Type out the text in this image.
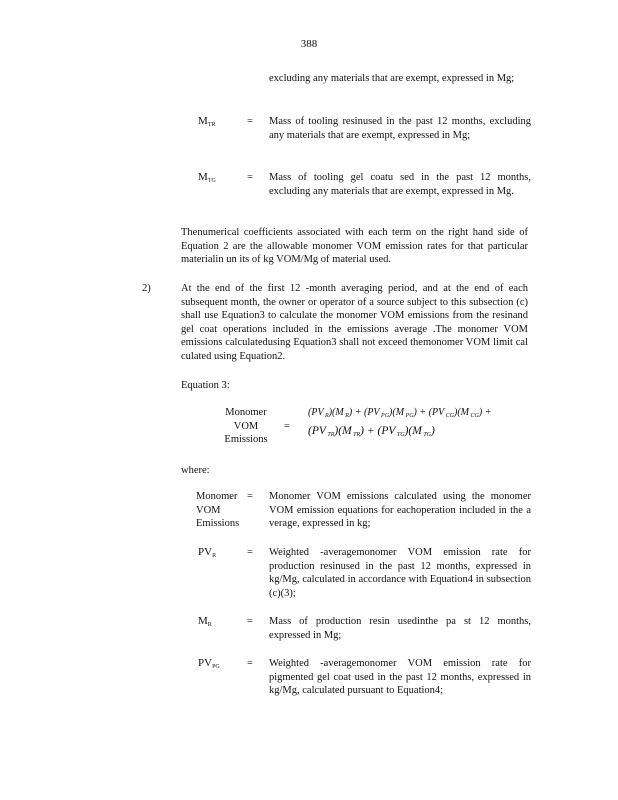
388
excluding any materials that are exempt, expressed in Mg;
$M_{TR}$	= Mass of tooling resinused in the past 12 months, excluding any materials that are exempt, expressed in Mg;
$M_{TG}$	= Mass of tooling gel coatu sed in the past 12 months, excluding any materials that are exempt, expressed in Mg.
Thenumerical coefficients associated with each term on the right hand side of Equation 2 are the allowable monomer VOM emission rates for that particular materialin un its of kg VOM/Mg of material used.
2)	At the end of the first 12 -month averaging period, and at the end of each subsequent month, the owner or operator of a source subject to this subsection (c) shall use Equation3 to calculate the monomer VOM emissions from the resinand gel coat operations included in the emissions average .The monomer VOM emissions calculatedusing Equation3 shall not exceed themonomer VOM limit cal culated using Equation2.
Equation 3:
Monomer
VOM
Emissions
=
(PV $_R$)(M $_R$) + (PV $_{PG}$)(M $_{PG}$) + (PV $_{CG}$)(M $_{CG}$) +
(PV $_{TR}$)(M $_{TR}$) + (PV $_{TG}$)(M $_{TG}$)
where:
Monomer
VOM
Emissions
= Monomer VOM emissions calculated using the monomer VOM emission equations for eachoperation included in the a verage, expressed in kg;
$PV_R$	= Weighted -averagemonomer VOM emission rate for production resinused in the past 12 months, expressed in kg/Mg, calculated in accordance with Equation4 in subsection (c)(3);
$M_R$	= Mass of production resin usedinthe pa st 12 months, expressed in Mg;
$PV_{PG}$	= Weighted -averagemonomer VOM emission rate for pigmented gel coat used in the past 12 months, expressed in kg/Mg, calculated pursuant to Equation4;
